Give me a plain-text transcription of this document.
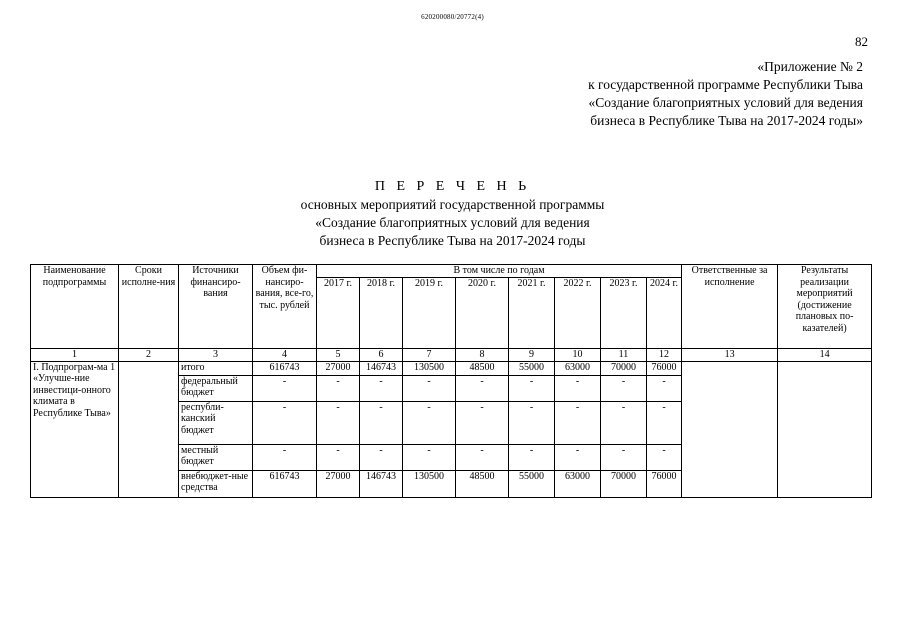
620200080/20772(4)
82
«Приложение № 2
к государственной программе Республики Тыва
«Создание благоприятных условий для ведения
бизнеса в Республике Тыва на 2017-2024 годы»
П Е Р Е Ч Е Н Ь
основных мероприятий государственной программы
«Создание благоприятных условий для ведения
бизнеса в Республике Тыва на 2017-2024 годы
Наименование подпрограммы	Сроки исполне-ния	Источники финансиро-вания	Объем фи-нансиро-вания, все-го, тыс. рублей	В том числе по годам								Ответственные за исполнение	Результаты реализации мероприятий (достижение плановых по-казателей)
				2017 г.	2018 г.	2019 г.	2020 г.	2021 г.	2022 г.	2023 г.	2024 г.		
1	2	3	4	5	6	7	8	9	10	11	12	13	14
I. Подпрограм-ма 1 «Улучше-ние инвестици-онного климата в Республике Тыва»		итого	616743	27000	146743	130500	48500	55000	63000	70000	76000		
		федеральный бюджет	-	-	-	-	-	-	-	-	-		
		республи-канский бюджет	-	-	-	-	-	-	-	-	-		
		местный бюджет	-	-	-	-	-	-	-	-	-		
		внебюджет-ные средства	616743	27000	146743	130500	48500	55000	63000	70000	76000		
